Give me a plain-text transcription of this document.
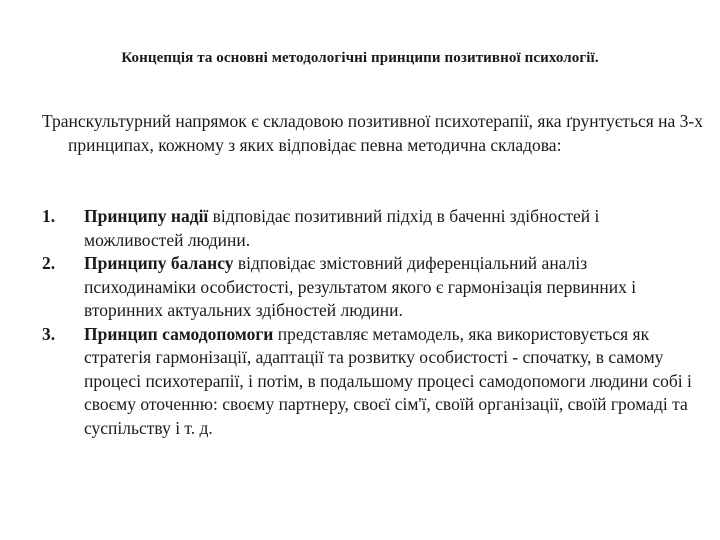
Концепція та основні методологічні принципи позитивної психології.
Транскультурний напрямок є складовою позитивної психотерапії, яка ґрунтується на 3-х принципах, кожному з яких відповідає певна методична складова:
1. Принципу надії відповідає позитивний підхід в баченні здібностей і можливостей людини.
2. Принципу балансу відповідає змістовний диференціальний аналіз психодинаміки особистості, результатом якого є гармонізація первинних і вторинних актуальних здібностей людини.
3. Принцип самодопомоги представляє метамодель, яка використовується як стратегія гармонізації, адаптації та розвитку особистості - спочатку, в самому процесі психотерапії, і потім, в подальшому процесі самодопомоги людини собі і своєму оточенню: своєму партнеру, своєї сім'ї, своїй організації, своїй громаді та суспільству і т. д.
